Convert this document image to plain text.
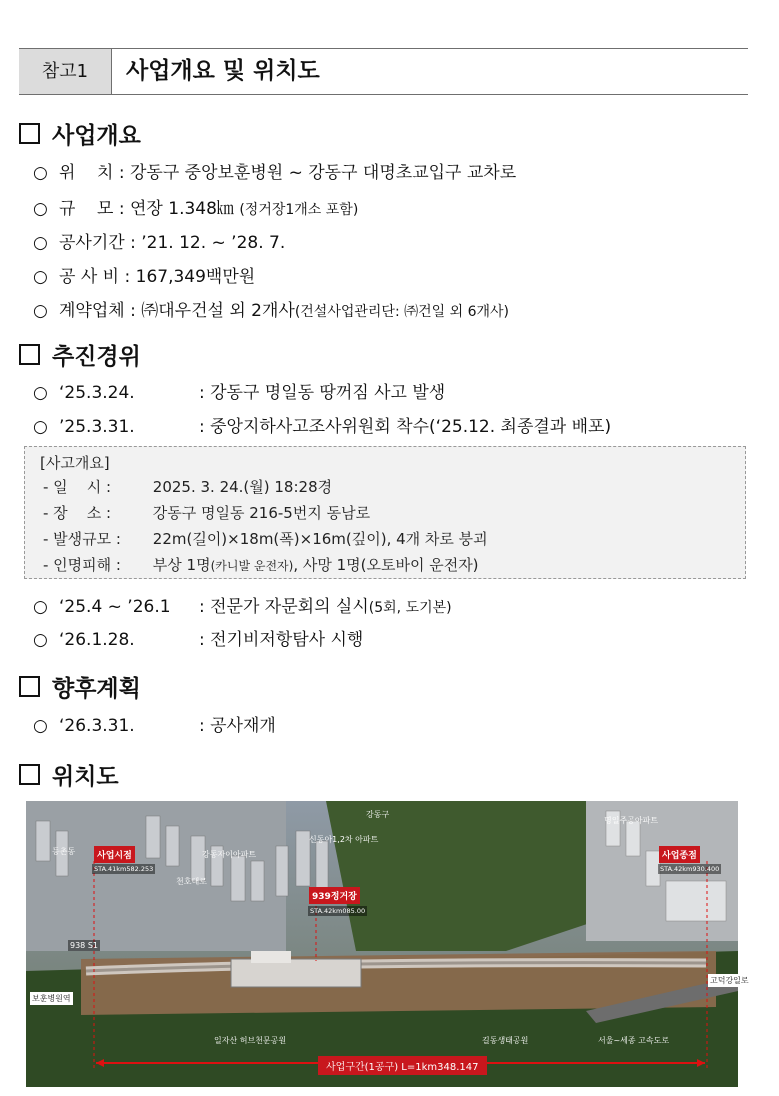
참고1	사업개요 및 위치도
사업개요
○ 위    치 : 강동구 중앙보훈병원 ~ 강동구 대명초교입구 교차로
○ 규    모 : 연장 1.348㎞ (정거장1개소 포함)
○ 공사기간 : ’21. 12. ~ ’28. 7.
○ 공 사 비 : 167,349백만원
○ 계약업체 : ㈜대우건설 외 2개사(건설사업관리단: ㈜건일 외 6개사)
추진경위
○ ‘25.3.24.	: 강동구 명일동 땅꺼짐 사고 발생
○ ’25.3.31.	: 중앙지하사고조사위원회 착수(‘25.12. 최종결과 배포)
[사고개요]
- 일    시 :	2025. 3. 24.(월) 18:28경
- 장    소 :	강동구 명일동 216-5번지 동남로
- 발생규모 : 22m(길이)×18m(폭)×16m(깊이), 4개 차로 붕괴
- 인명피해 : 부상 1명(카니발 운전자), 사망 1명(오토바이 운전자)
○ ‘25.4 ~ ’26.1 : 전문가 자문회의 실시(5회, 도기본)
○ ‘26.1.28.	: 전기비저항탐사 시행
향후계획
○ ‘26.3.31.	: 공사재개
위치도
사업시점
STA.41km582.253
사업종점
STA.42km930.400
939정거장
STA.42km085.00
938 S1
보훈병원역
고덕강일로
사업구간(1공구) L=1km348.147
강동자이아파트
신동아1,2차 아파트
명일주공아파트
일자산 허브천문공원	길동생태공원	서울~세종 고속도로
천호대로
강동구
등촌동
